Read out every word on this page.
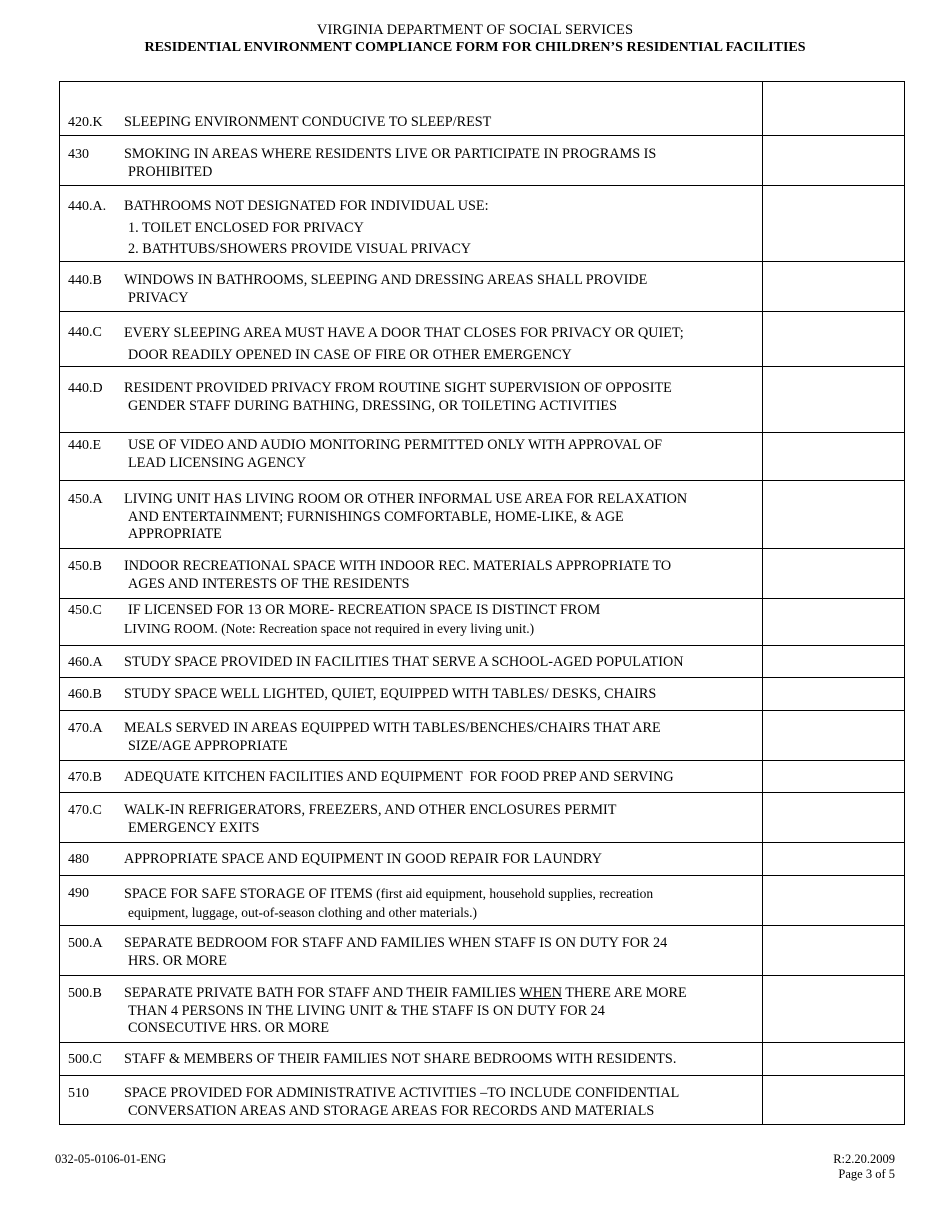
VIRGINIA DEPARTMENT OF SOCIAL SERVICES
RESIDENTIAL ENVIRONMENT COMPLIANCE FORM FOR CHILDREN’S RESIDENTIAL FACILITIES
420.K SLEEPING ENVIRONMENT CONDUCIVE TO SLEEP/REST	

430 SMOKING IN AREAS WHERE RESIDENTS LIVE OR PARTICIPATE IN PROGRAMS IS

PROHIBITED	

440.A. BATHROOMS NOT DESIGNATED FOR INDIVIDUAL USE:

1. TOILET ENCLOSED FOR PRIVACY
2. BATHTUBS/SHOWERS PROVIDE VISUAL PRIVACY	

440.B WINDOWS IN BATHROOMS, SLEEPING AND DRESSING AREAS SHALL PROVIDE

PRIVACY	

440.C EVERY SLEEPING AREA MUST HAVE A DOOR THAT CLOSES FOR PRIVACY OR QUIET;

DOOR READILY OPENED IN CASE OF FIRE OR OTHER EMERGENCY	

440.D RESIDENT PROVIDED PRIVACY FROM ROUTINE SIGHT SUPERVISION OF OPPOSITE

GENDER STAFF DURING BATHING, DRESSING, OR TOILETING ACTIVITIES	

440.E USE OF VIDEO AND AUDIO MONITORING PERMITTED ONLY WITH APPROVAL OF
LEAD LICENSING AGENCY	

450.A LIVING UNIT HAS LIVING ROOM OR OTHER INFORMAL USE AREA FOR RELAXATION

AND ENTERTAINMENT; FURNISHINGS COMFORTABLE, HOME-LIKE, & AGE
APPROPRIATE	

450.B INDOOR RECREATIONAL SPACE WITH INDOOR REC. MATERIALS APPROPRIATE TO

AGES AND INTERESTS OF THE RESIDENTS	

450.C IF LICENSED FOR 13 OR MORE- RECREATION SPACE IS DISTINCT FROM
LIVING ROOM. (Note: Recreation space not required in every living unit.)	

460.A STUDY SPACE PROVIDED IN FACILITIES THAT SERVE A SCHOOL-AGED POPULATION	

460.B STUDY SPACE WELL LIGHTED, QUIET, EQUIPPED WITH TABLES/ DESKS, CHAIRS	

470.A MEALS SERVED IN AREAS EQUIPPED WITH TABLES/BENCHES/CHAIRS THAT ARE

SIZE/AGE APPROPRIATE	

470.B ADEQUATE KITCHEN FACILITIES AND EQUIPMENT  FOR FOOD PREP AND SERVING	

470.C WALK-IN REFRIGERATORS, FREEZERS, AND OTHER ENCLOSURES PERMIT

EMERGENCY EXITS	

480 APPROPRIATE SPACE AND EQUIPMENT IN GOOD REPAIR FOR LAUNDRY	

490 SPACE FOR SAFE STORAGE OF ITEMS (first aid equipment, household supplies, recreation

equipment, luggage, out-of-season clothing and other materials.)	

500.A SEPARATE BEDROOM FOR STAFF AND FAMILIES WHEN STAFF IS ON DUTY FOR 24

HRS. OR MORE	

500.B SEPARATE PRIVATE BATH FOR STAFF AND THEIR FAMILIES WHEN THERE ARE MORE

THAN 4 PERSONS IN THE LIVING UNIT & THE STAFF IS ON DUTY FOR 24
CONSECUTIVE HRS. OR MORE	

500.C STAFF & MEMBERS OF THEIR FAMILIES NOT SHARE BEDROOMS WITH RESIDENTS.	

510 SPACE PROVIDED FOR ADMINISTRATIVE ACTIVITIES –TO INCLUDE CONFIDENTIAL

CONVERSATION AREAS AND STORAGE AREAS FOR RECORDS AND MATERIALS	

032-05-0106-01-ENG	R:2.20.2009
Page 3 of 5
